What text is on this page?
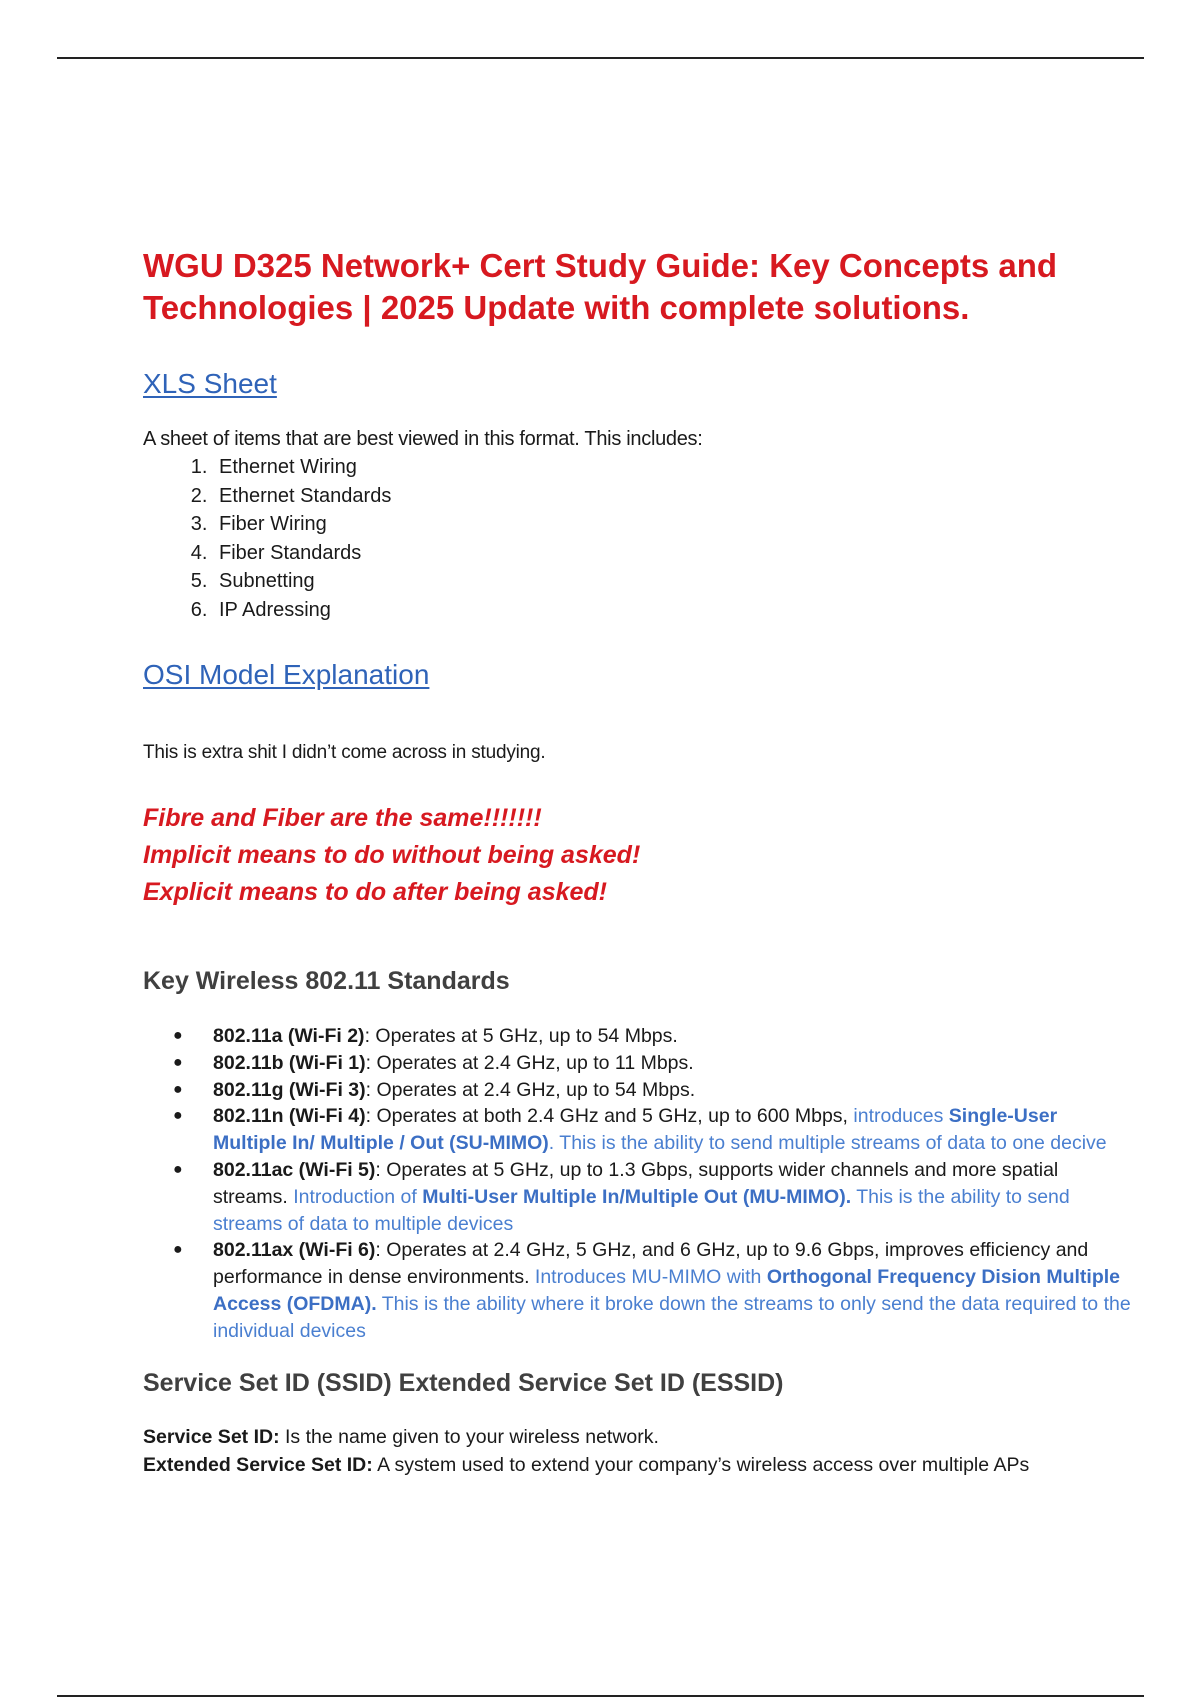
WGU D325 Network+ Cert Study Guide: Key Concepts and
Technologies | 2025 Update with complete solutions.
XLS Sheet

A sheet of items that are best viewed in this format. This includes:

1. Ethernet Wiring
2. Ethernet Standards
3. Fiber Wiring
4. Fiber Standards
5. Subnetting
6. IP Adressing
OSI Model Explanation

This is extra shit I didn’t come across in studying.

Fibre and Fiber are the same!!!!!!!
Implicit means to do without being asked!
Explicit means to do after being asked!
Key Wireless 802.11 Standards
● 802.11a (Wi-Fi 2): Operates at 5 GHz, up to 54 Mbps.
● 802.11b (Wi-Fi 1): Operates at 2.4 GHz, up to 11 Mbps.
● 802.11g (Wi-Fi 3): Operates at 2.4 GHz, up to 54 Mbps.
● 802.11n (Wi-Fi 4): Operates at both 2.4 GHz and 5 GHz, up to 600 Mbps, introduces Single-User Multiple In/ Multiple / Out (SU-MIMO). This is the ability to send multiple streams of data to one decive
● 802.11ac (Wi-Fi 5): Operates at 5 GHz, up to 1.3 Gbps, supports wider channels and more spatial streams. Introduction of Multi-User Multiple In/Multiple Out (MU-MIMO). This is the ability to send streams of data to multiple devices
● 802.11ax (Wi-Fi 6): Operates at 2.4 GHz, 5 GHz, and 6 GHz, up to 9.6 Gbps, improves efficiency and performance in dense environments. Introduces MU-MIMO with Orthogonal Frequency Dision Multiple Access (OFDMA). This is the ability where it broke down the streams to only send the data required to the individual devices
Service Set ID (SSID) Extended Service Set ID (ESSID)

Service Set ID: Is the name given to your wireless network.

Extended Service Set ID: A system used to extend your company’s wireless access over multiple APs
